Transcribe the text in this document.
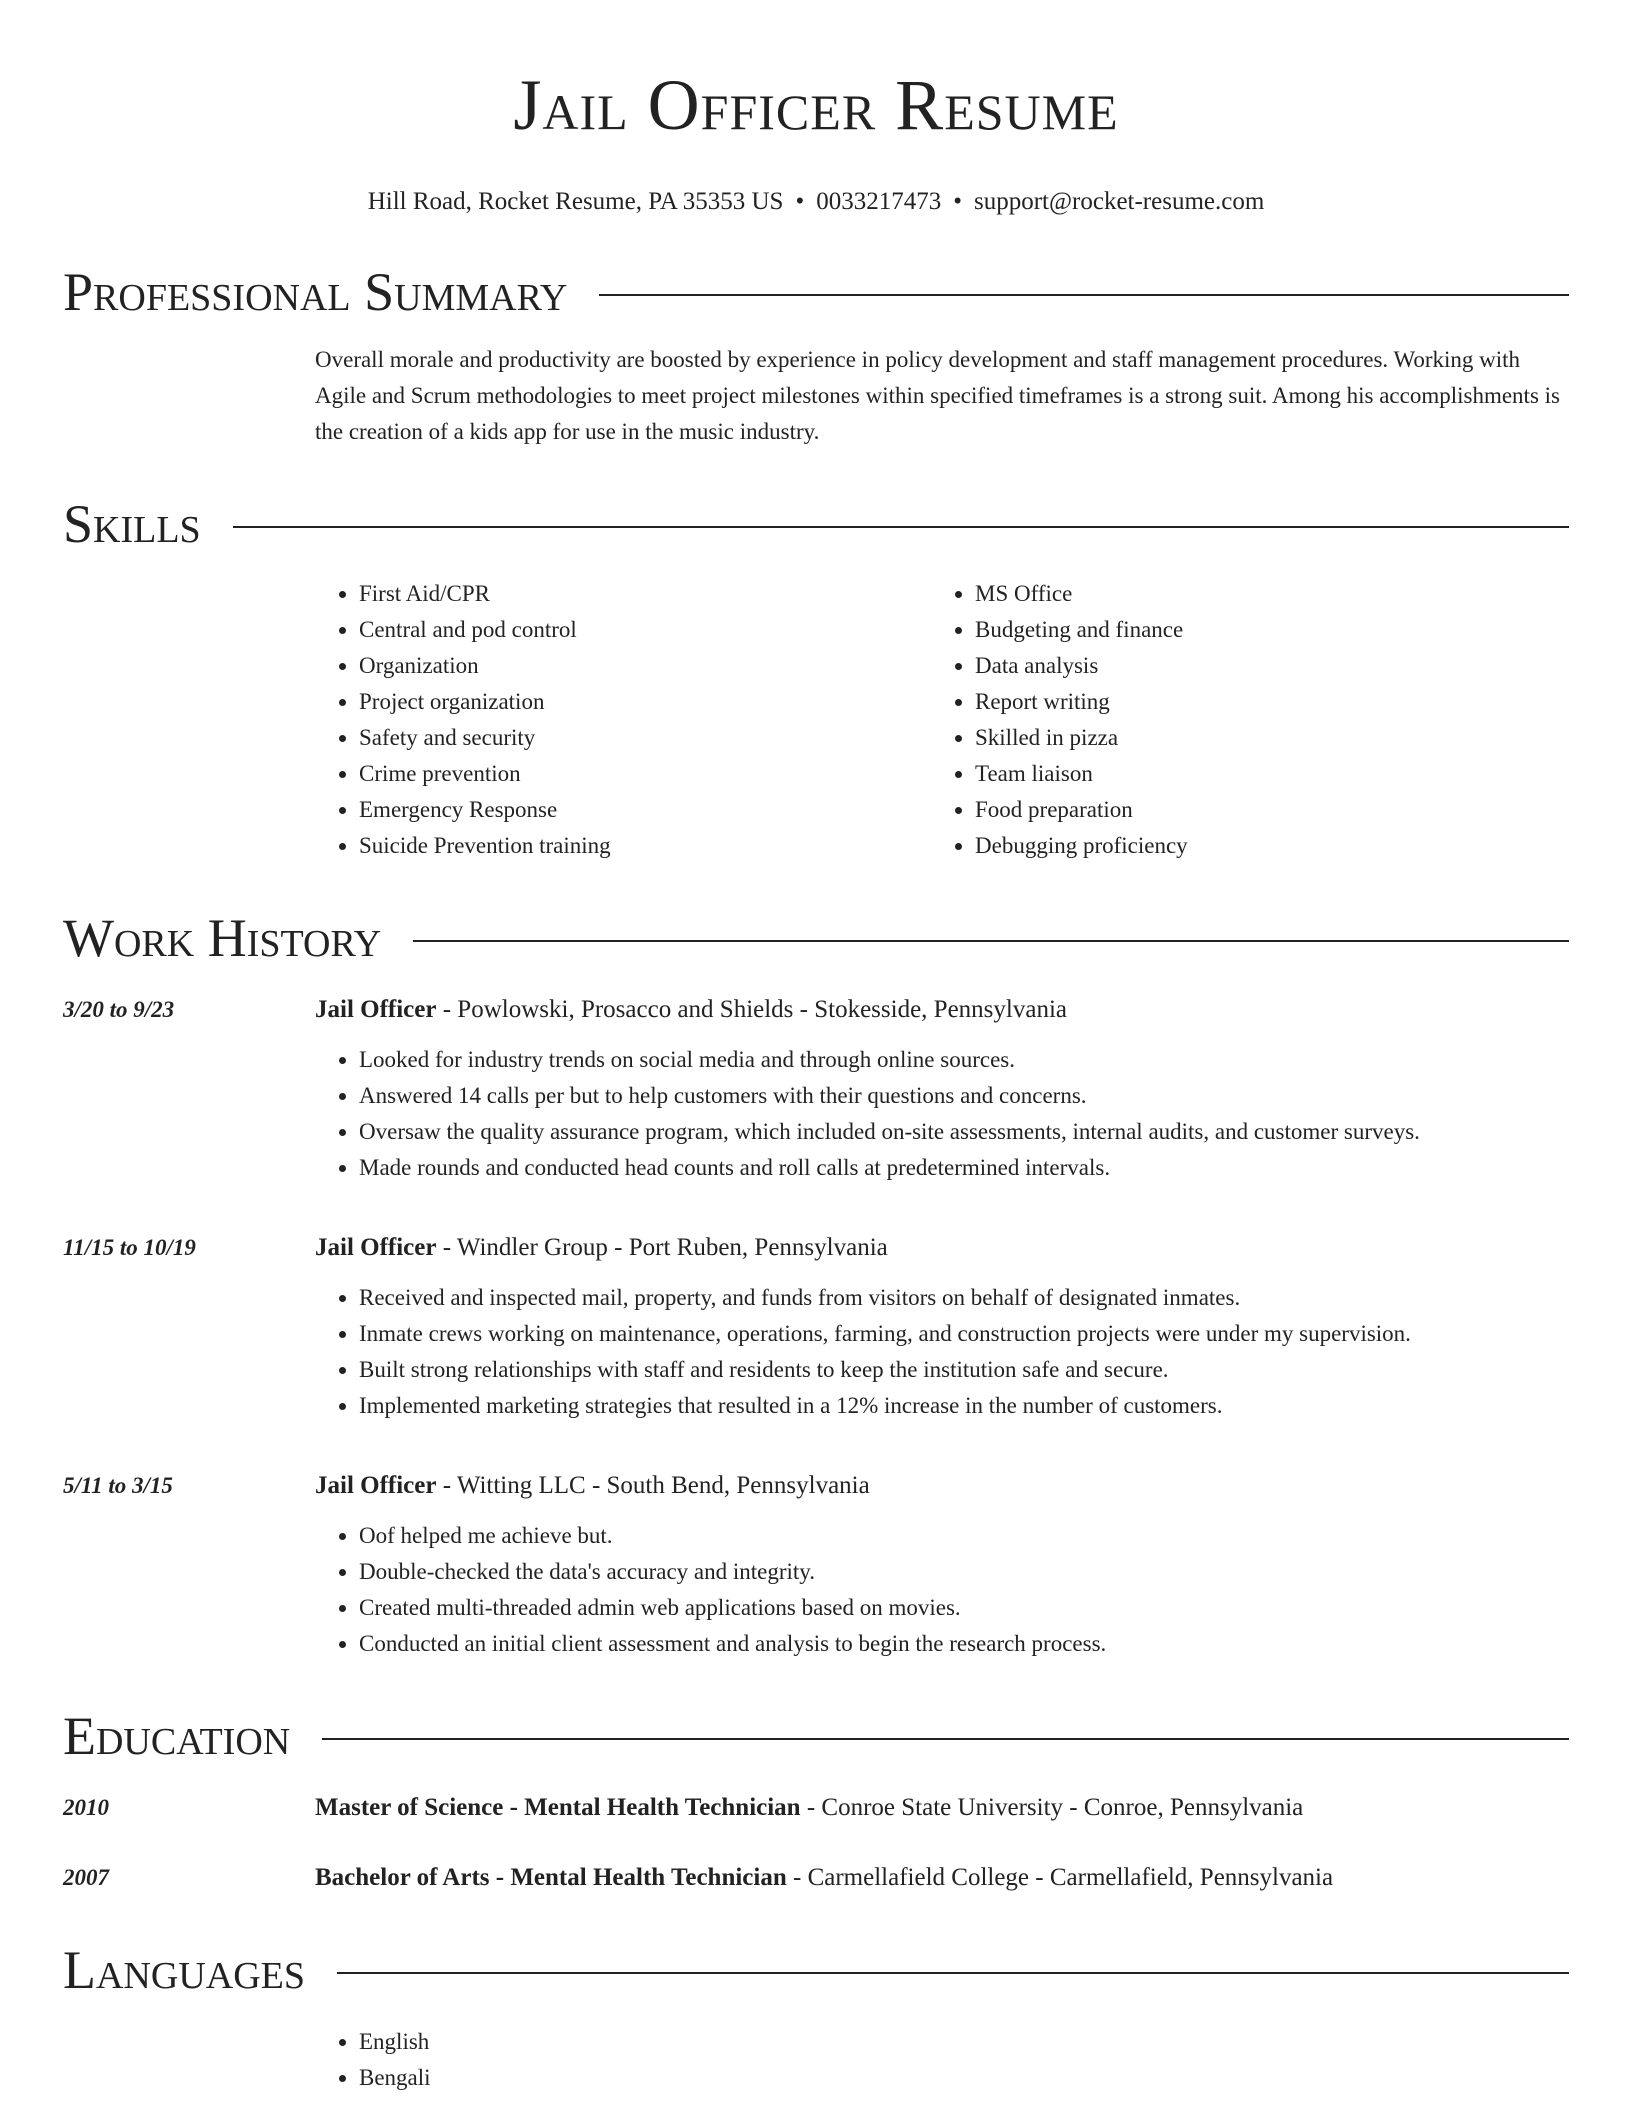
Jail Officer Resume
Hill Road, Rocket Resume, PA 35353 US • 0033217473 • support@rocket-resume.com
Professional Summary
Overall morale and productivity are boosted by experience in policy development and staff management procedures. Working with Agile and Scrum methodologies to meet project milestones within specified timeframes is a strong suit. Among his accomplishments is the creation of a kids app for use in the music industry.
Skills
• First Aid/CPR
• Central and pod control
• Organization
• Project organization
• Safety and security
• Crime prevention
• Emergency Response
• Suicide Prevention training
• MS Office
• Budgeting and finance
• Data analysis
• Report writing
• Skilled in pizza
• Team liaison
• Food preparation
• Debugging proficiency
Work History
3/20 to 9/23	Jail Officer - Powlowski, Prosacco and Shields - Stokesside, Pennsylvania
• Looked for industry trends on social media and through online sources.
• Answered 14 calls per but to help customers with their questions and concerns.
• Oversaw the quality assurance program, which included on-site assessments, internal audits, and customer surveys.
• Made rounds and conducted head counts and roll calls at predetermined intervals.
11/15 to 10/19	Jail Officer - Windler Group - Port Ruben, Pennsylvania
• Received and inspected mail, property, and funds from visitors on behalf of designated inmates.
• Inmate crews working on maintenance, operations, farming, and construction projects were under my supervision.
• Built strong relationships with staff and residents to keep the institution safe and secure.
• Implemented marketing strategies that resulted in a 12% increase in the number of customers.
5/11 to 3/15	Jail Officer - Witting LLC - South Bend, Pennsylvania
• Oof helped me achieve but.
• Double-checked the data's accuracy and integrity.
• Created multi-threaded admin web applications based on movies.
• Conducted an initial client assessment and analysis to begin the research process.
Education
2010	Master of Science - Mental Health Technician - Conroe State University - Conroe, Pennsylvania
2007	Bachelor of Arts - Mental Health Technician - Carmellafield College - Carmellafield, Pennsylvania
Languages
• English
• Bengali
